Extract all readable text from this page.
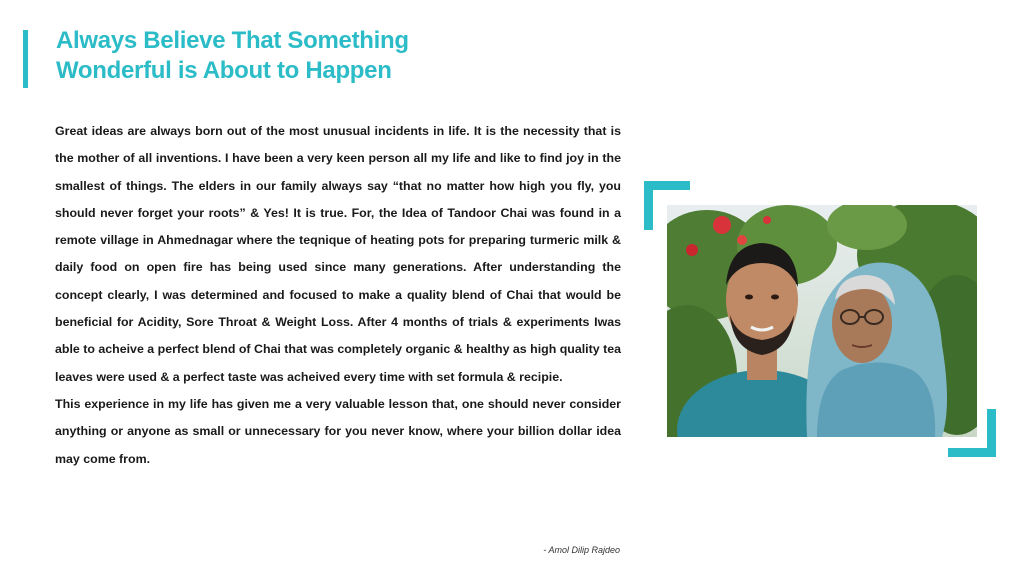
Always Believe That Something
Wonderful is About to Happen

Great ideas are always born out of the most unusual incidents in life. It is the necessity that is the mother of all inventions. I have been a very keen person all my life and like to find joy in the smallest of things. The elders in our family always say “that no matter how high you fly, you should never forget your roots” & Yes! It is true. For, the Idea of Tandoor Chai was found in a remote village in Ahmednagar where the teqnique of heating pots for preparing turmeric milk & daily food on open fire has being used since many generations. After understanding the concept clearly, I was determined and focused to make a quality blend of Chai that would be beneficial for Acidity, Sore Throat & Weight Loss. After 4 months of trials & experiments Iwas able to acheive a perfect blend of Chai that was completely organic & healthy as high quality tea leaves were used & a perfect taste was acheived every time with set formula & recipie.

This experience in my life has given me a very valuable lesson that, one should never consider anything or anyone as small or unnecessary for you never know, where your billion dollar idea may come from.

- Amol Dilip Rajdeo
